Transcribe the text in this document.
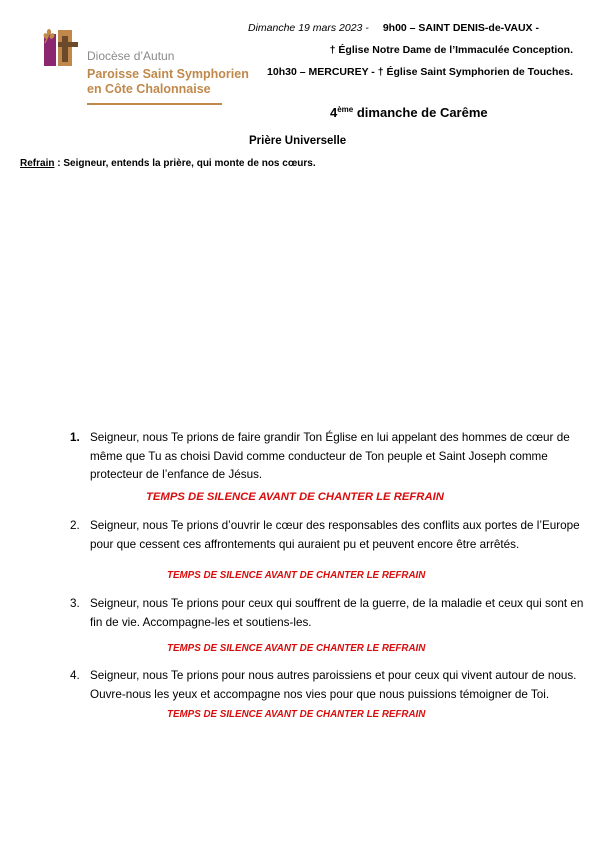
Diocèse d’Autun
Paroisse Saint Symphorien
en Côte Chalonnaise
Dimanche 19 mars 2023 - 9h00 – SAINT DENIS-de-VAUX -
† Église Notre Dame de l’Immaculée Conception.
10h30 – MERCUREY - † Église Saint Symphorien de Touches.
4ème dimanche de Carême
Prière Universelle
Refrain : Seigneur, entends la prière, qui monte de nos cœurs.
1. Seigneur, nous Te prions de faire grandir Ton Église en lui appelant des hommes de cœur de même que Tu as choisi David comme conducteur de Ton peuple et Saint Joseph comme protecteur de l’enfance de Jésus.
TEMPS DE SILENCE AVANT DE CHANTER LE REFRAIN
2. Seigneur, nous Te prions d’ouvrir le cœur des responsables des conflits aux portes de l’Europe pour que cessent ces affrontements qui auraient pu et peuvent encore être arrêtés.
TEMPS DE SILENCE AVANT DE CHANTER LE REFRAIN
3. Seigneur, nous Te prions pour ceux qui souffrent de la guerre, de la maladie et ceux qui sont en fin de vie. Accompagne-les et soutiens-les.
TEMPS DE SILENCE AVANT DE CHANTER LE REFRAIN
4. Seigneur, nous Te prions pour nous autres paroissiens et pour ceux qui vivent autour de nous. Ouvre-nous les yeux et accompagne nos vies pour que nous puissions témoigner de Toi.
TEMPS DE SILENCE AVANT DE CHANTER LE REFRAIN
